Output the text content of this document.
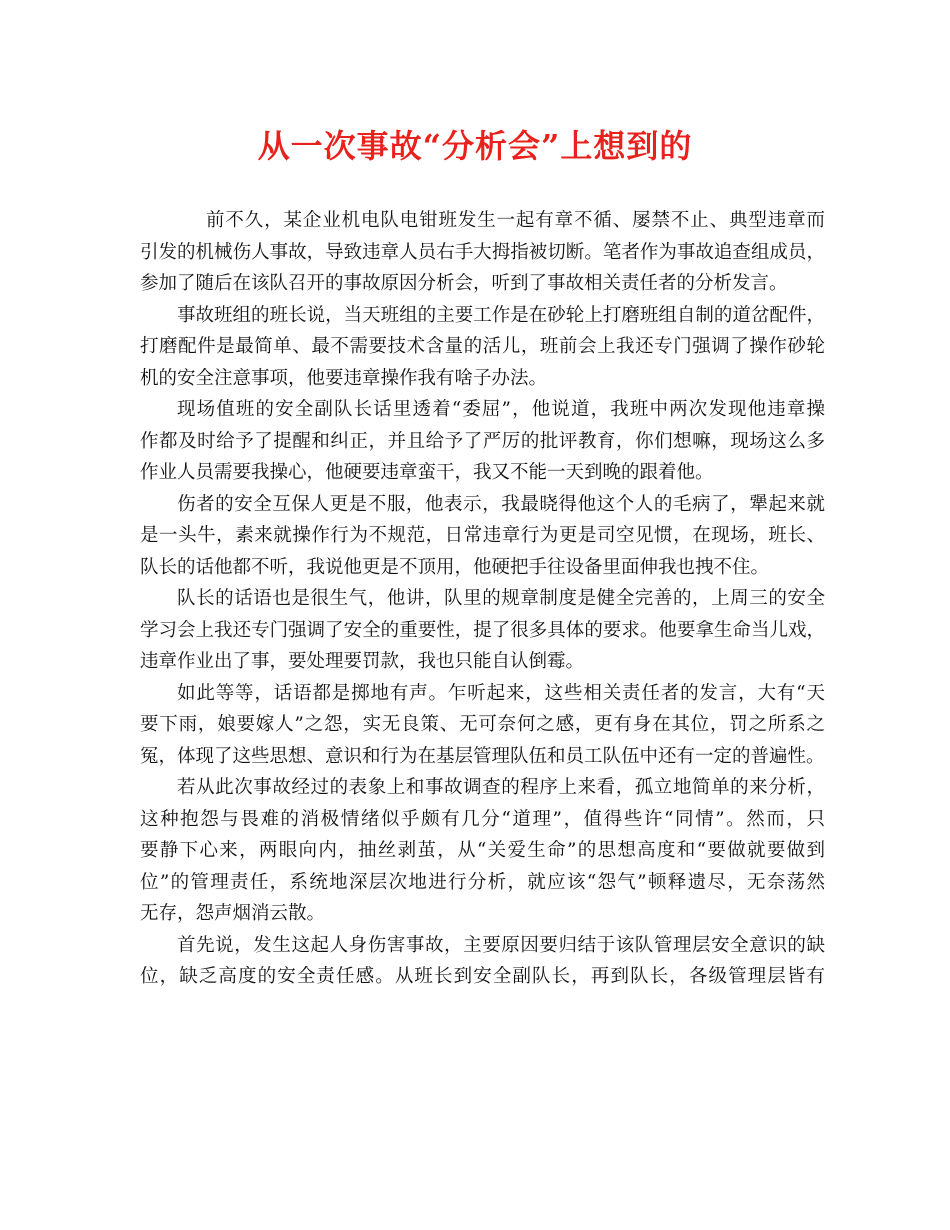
从一次事故“分析会”上想到的

前不久，某企业机电队电钳班发生一起有章不循、屡禁不止、典型违章而
引发的机械伤人事故，导致违章人员右手大拇指被切断。笔者作为事故追查组成员，
参加了随后在该队召开的事故原因分析会，听到了事故相关责任者的分析发言。

事故班组的班长说，当天班组的主要工作是在砂轮上打磨班组自制的道岔配件，
打磨配件是最简单、最不需要技术含量的活儿，班前会上我还专门强调了操作砂轮
机的安全注意事项，他要违章操作我有啥子办法。

现场值班的安全副队长话里透着“委屈”，他说道，我班中两次发现他违章操
作都及时给予了提醒和纠正，并且给予了严厉的批评教育，你们想嘛，现场这么多
作业人员需要我操心，他硬要违章蛮干，我又不能一天到晚的跟着他。

伤者的安全互保人更是不服，他表示，我最晓得他这个人的毛病了，犟起来就
是一头牛，素来就操作行为不规范，日常违章行为更是司空见惯，在现场，班长、
队长的话他都不听，我说他更是不顶用，他硬把手往设备里面伸我也拽不住。

队长的话语也是很生气，他讲，队里的规章制度是健全完善的，上周三的安全
学习会上我还专门强调了安全的重要性，提了很多具体的要求。他要拿生命当儿戏，
违章作业出了事，要处理要罚款，我也只能自认倒霉。

如此等等，话语都是掷地有声。乍听起来，这些相关责任者的发言，大有“天
要下雨，娘要嫁人”之怨，实无良策、无可奈何之感，更有身在其位，罚之所系之
冤，体现了这些思想、意识和行为在基层管理队伍和员工队伍中还有一定的普遍性。

若从此次事故经过的表象上和事故调查的程序上来看，孤立地简单的来分析，
这种抱怨与畏难的消极情绪似乎颇有几分“道理”，值得些许“同情”。然而，只
要静下心来，两眼向内，抽丝剥茧，从“关爱生命”的思想高度和“要做就要做到
位”的管理责任，系统地深层次地进行分析，就应该“怨气”顿释遗尽，无奈荡然
无存，怨声烟消云散。

首先说，发生这起人身伤害事故，主要原因要归结于该队管理层安全意识的缺
位，缺乏高度的安全责任感。从班长到安全副队长，再到队长，各级管理层皆有
